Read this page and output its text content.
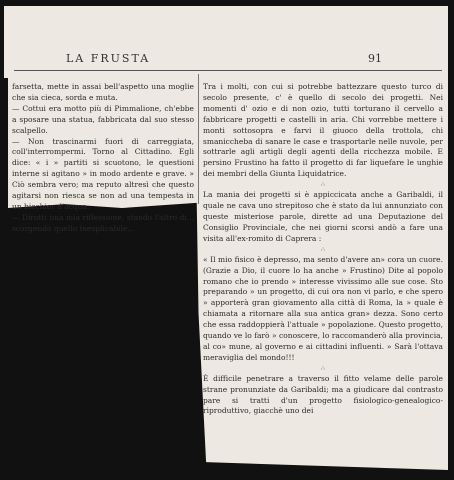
LA FRUSTA	91

farsetta, mette in assai bell'aspetto una moglie che sia cieca, sorda e muta.

— Cottui era motto più di Pimmalione, ch'ebbe a sposare una statua, fabbricata dal suo stesso scalpello.

— Non trascinarmi fuori di carreggiata, coll'interrompermi. Torno al Cittadino. Egli dice: « i » partiti si scuotono, le questioni interne si agitano » in modo ardente e grave. » Ciò sembra vero; ma reputo altresì che questo agitarsi non riesca se non ad una tempesta in un bicchier d'acqua.

— Dirotti una mia riflessione, stando l'altro di... scorgendo quello inesplicabile...

Tra i molti, con cui si potrebbe battezzare questo turco di secolo presente, c' è quello di secolo dei progetti. Nei momenti d' ozio e di non ozio, tutti torturano il cervello a fabbricare progetti e castelli in aria. Chi vorrebbe mettere i monti sottosopra e farvi il giuoco della trottola, chi smaniccheba di sanare le case e trasportarle nelle nuvole, per sottrarle agli artigli degli agenti della ricchezza mobile. E persino Frustino ha fatto il progetto di far liquefare le unghie dei membri della Giunta Liquidatrice.

∴

La mania dei progetti si è appiccicata anche a Garibaldi, il quale ne cava uno strepitoso che è stato da lui annunziato con queste misteriose parole, dirette ad una Deputazione del Consiglio Provinciale, che nei giorni scorsi andò a fare una visita all'ex-romito di Caprera :

∴

« Il mio fisico è depresso, ma sento d'avere an» cora un cuore. (Grazie a Dio, il cuore lo ha anche » Frustino) Dite al popolo romano che io prendo » interesse vivissimo alle sue cose. Sto preparando » un progetto, di cui ora non vi parlo, e che spero » apporterà gran giovamento alla città di Roma, la » quale è chiamata a ritornare alla sua antica gran» dezza. Sono certo che essa raddoppierà l'attuale » popolazione. Questo progetto, quando ve lo farò » conoscere, lo raccomanderò alla provincia, al co» mune, al governo e ai cittadini influenti. » Sarà l'ottava meraviglia del mondo!!!

∴

È difficile penetrare a traverso il fitto velame delle parole strane pronunziate da Garibaldi; ma a giudicare dal contrasto pare si tratti d'un progetto fisiologico-genealogico-riproduttivo, giacchè uno dei
